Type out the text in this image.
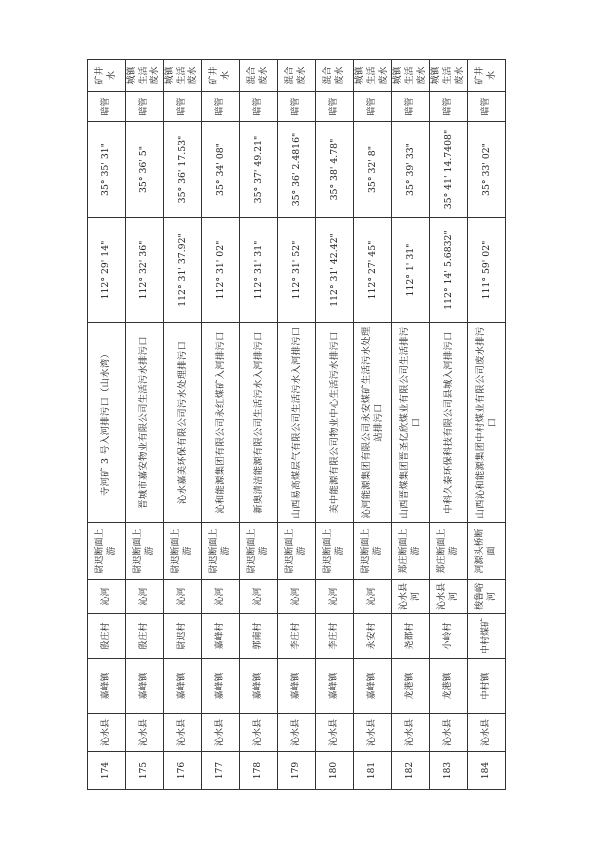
174	沁水县	嘉峰镇	殷庄村	沁河	尉迟断面上游	寺河矿 3 号入河排污口（山水湾）	112° 29' 14"	35° 35' 31"	暗管	矿井水
175	沁水县	嘉峰镇	殷庄村	沁河	尉迟断面上游	晋城市嘉安物业有限公司生活污水排污口	112° 32' 36"	35° 36' 5"	暗管	城镇生活废水
176	沁水县	嘉峰镇	尉迟村	沁河	尉迟断面上游	沁水嘉美环保有限公司污水处理排污口	112° 31' 37.92"	35° 36' 17.53"	暗管	城镇生活废水
177	沁水县	嘉峰镇	嘉峰村	沁河	尉迟断面上游	沁和能源集团有限公司永红煤矿入河排污口	112° 31' 02"	35° 34' 08"	暗管	矿井水
178	沁水县	嘉峰镇	郭南村	沁河	尉迟断面上游	新奥清洁能源有限公司生活污水入河排污口	112° 31' 31"	35° 37' 49.21"	暗管	混合废水
179	沁水县	嘉峰镇	李庄村	沁河	尉迟断面上游	山西易高煤层气有限公司生活污水入河排污口	112° 31' 52"	35° 36' 2.4816"	暗管	混合废水
180	沁水县	嘉峰镇	李庄村	沁河	尉迟断面上游	美中能源有限公司物业中心生活污水排污口	112° 31' 42.42"	35° 38' 4.78"	暗管	混合废水
181	沁水县	嘉峰镇	永安村	沁河	尉迟断面上游	沁河能源集团有限公司永安煤矿生活污水处理站排污口	112° 27' 45"	35° 32' 8"	暗管	城镇生活废水
182	沁水县	龙港镇	尧都村	沁水县河	郑庄断面上游	山西晋煤集团晋圣亿欣煤业有限公司生活排污口	112° 1' 31"	35° 39' 33"	暗管	城镇生活废水
183	沁水县	龙港镇	小岭村	沁水县河	郑庄断面上游	中科久泰环保科技有限公司县城入河排污口	112° 14' 5.6832"	35° 41' 14.7408"	暗管	城镇生活废水
184	沁水县	中村镇	中村煤矿	梭鲁峪河	河源头桥断面	山西沁和能源集团中村煤业有限公司废水排污口	111° 59' 02"	35° 33' 02"	暗管	矿井水
